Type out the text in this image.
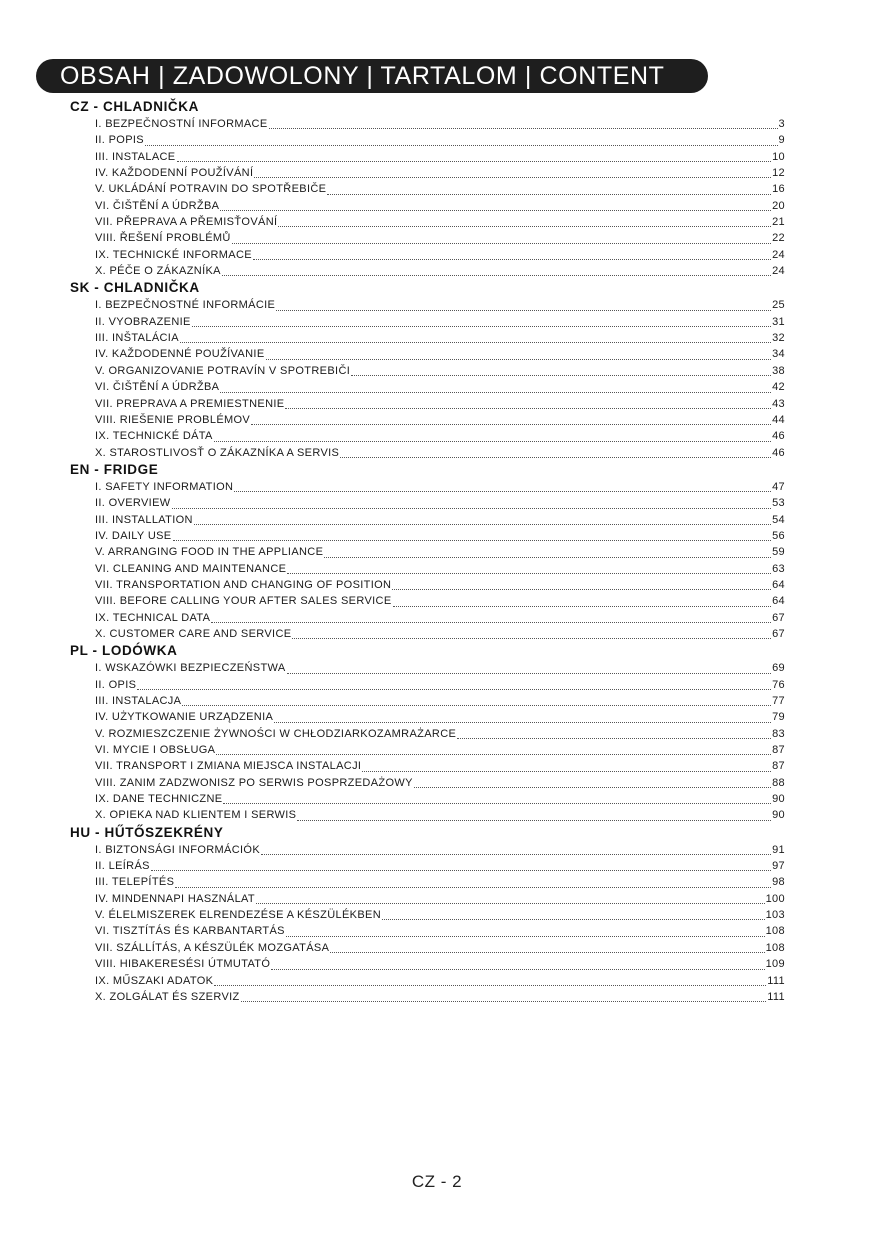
OBSAH | ZADOWOLONY | TARTALOM | CONTENT
CZ - CHLADNIČKA
I. BEZPEČNOSTNÍ INFORMACE	3
II. POPIS	9
III. INSTALACE	10
IV. KAŽDODENNÍ POUŽÍVÁNÍ	12
V. UKLÁDÁNÍ POTRAVIN DO SPOTŘEBIČE	16
VI. ČIŠTĚNÍ A ÚDRŽBA	20
VII. PŘEPRAVA A PŘEMISŤOVÁNÍ	21
VIII. ŘEŠENÍ PROBLÉMŮ	22
IX. TECHNICKÉ INFORMACE	24
X. PÉČE O ZÁKAZNÍKA	24
SK - CHLADNIČKA
I. BEZPEČNOSTNÉ INFORMÁCIE	25
II. VYOBRAZENIE	31
III. INŠTALÁCIA	32
IV. KAŽDODENNÉ POUŽÍVANIE	34
V. ORGANIZOVANIE POTRAVÍN V SPOTREBIČI	38
VI. ČIŠTĚNÍ A ÚDRŽBA	42
VII. PREPRAVA A PREMIESTNENIE	43
VIII. RIEŠENIE PROBLÉMOV	44
IX. TECHNICKÉ DÁTA	46
X. STAROSTLIVOSŤ O ZÁKAZNÍKA A SERVIS	46
EN - FRIDGE
I. SAFETY INFORMATION	47
II. OVERVIEW	53
III. INSTALLATION	54
IV. DAILY USE	56
V. ARRANGING FOOD IN THE APPLIANCE	59
VI. CLEANING AND MAINTENANCE	63
VII. TRANSPORTATION AND CHANGING OF POSITION	64
VIII. BEFORE CALLING YOUR AFTER SALES SERVICE	64
IX. TECHNICAL DATA	67
X. CUSTOMER CARE AND SERVICE	67
PL - LODÓWKA
I. WSKAZÓWKI BEZPIECZEŃSTWA	69
II. OPIS	76
III. INSTALACJA	77
IV. UŻYTKOWANIE URZĄDZENIA	79
V. ROZMIESZCZENIE ŻYWNOŚCI W CHŁODZIARKOZAMRAŻARCE	83
VI. MYCIE I OBSŁUGA	87
VII. TRANSPORT I ZMIANA MIEJSCA INSTALACJI	87
VIII. ZANIM ZADZWONISZ PO SERWIS POSPRZEDAŻOWY	88
IX. DANE TECHNICZNE	90
X. OPIEKA NAD KLIENTEM I SERWIS	90
HU - HŰTŐSZEKRÉNY
I. BIZTONSÁGI INFORMÁCIÓK	91
II. LEÍRÁS	97
III. TELEPÍTÉS	98
IV. MINDENNAPI HASZNÁLAT	100
V. ÉLELMISZEREK ELRENDEZÉSE A KÉSZÜLÉKBEN	103
VI. TISZTÍTÁS ÉS KARBANTARTÁS	108
VII. SZÁLLÍTÁS, A KÉSZÜLÉK MOZGATÁSA	108
VIII. HIBAKERESÉSI ÚTMUTATÓ	109
IX. MŰSZAKI ADATOK	111
X. ZOLGÁLAT ÉS SZERVIZ	111
CZ - 2
